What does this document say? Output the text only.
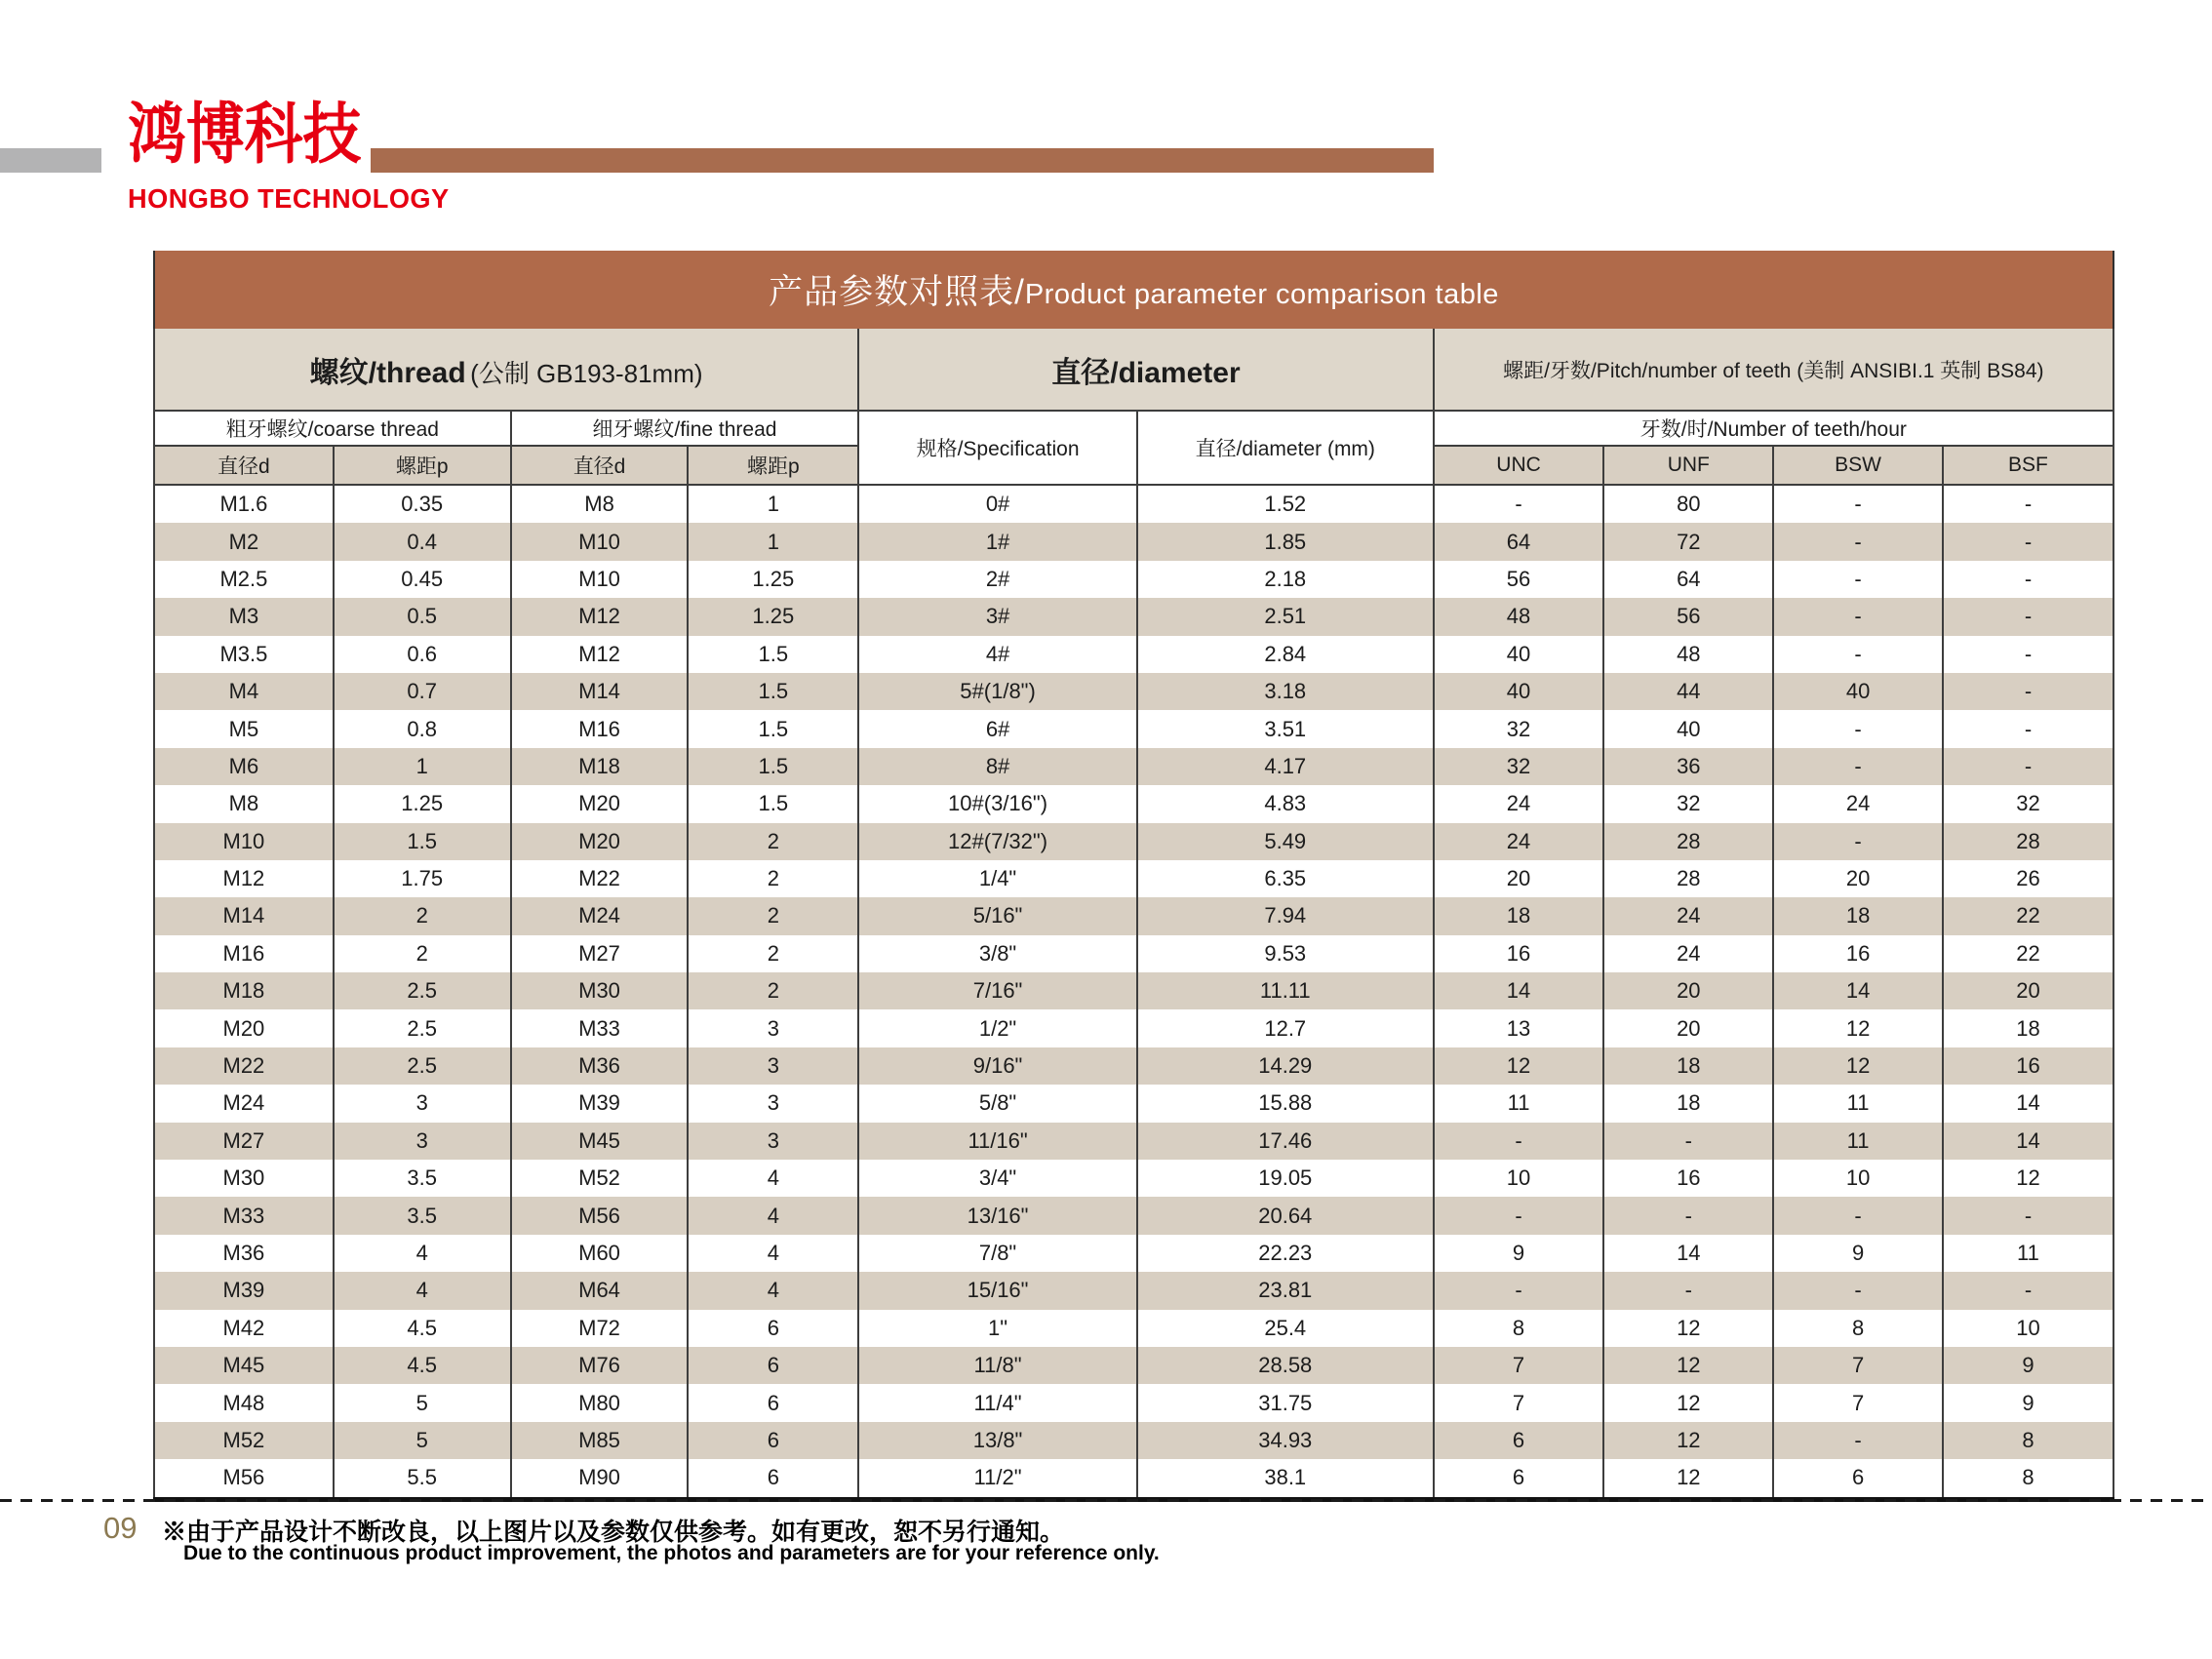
鸿博科技
HONGBO TECHNOLOGY
产品参数对照表/Product parameter comparison table									
螺纹/thread (公制 GB193-81mm)				直径/diameter		螺距/牙数/Pitch/number of teeth (美制 ANSIBI.1 英制 BS84)			
粗牙螺纹/coarse thread		细牙螺纹/fine thread		规格/Specification	直径/diameter (mm)	牙数/时/Number of teeth/hour			
直径d	螺距p	直径d	螺距p			UNC	UNF	BSW	BSF
M1.6	0.35	M8	1	0#	1.52	-	80	-	-
M2	0.4	M10	1	1#	1.85	64	72	-	-
M2.5	0.45	M10	1.25	2#	2.18	56	64	-	-
M3	0.5	M12	1.25	3#	2.51	48	56	-	-
M3.5	0.6	M12	1.5	4#	2.84	40	48	-	-
M4	0.7	M14	1.5	5#(1/8")	3.18	40	44	40	-
M5	0.8	M16	1.5	6#	3.51	32	40	-	-
M6	1	M18	1.5	8#	4.17	32	36	-	-
M8	1.25	M20	1.5	10#(3/16")	4.83	24	32	24	32
M10	1.5	M20	2	12#(7/32")	5.49	24	28	-	28
M12	1.75	M22	2	1/4"	6.35	20	28	20	26
M14	2	M24	2	5/16"	7.94	18	24	18	22
M16	2	M27	2	3/8"	9.53	16	24	16	22
M18	2.5	M30	2	7/16"	11.11	14	20	14	20
M20	2.5	M33	3	1/2"	12.7	13	20	12	18
M22	2.5	M36	3	9/16"	14.29	12	18	12	16
M24	3	M39	3	5/8"	15.88	11	18	11	14
M27	3	M45	3	11/16"	17.46	-	-	11	14
M30	3.5	M52	4	3/4"	19.05	10	16	10	12
M33	3.5	M56	4	13/16"	20.64	-	-	-	-
M36	4	M60	4	7/8"	22.23	9	14	9	11
M39	4	M64	4	15/16"	23.81	-	-	-	-
M42	4.5	M72	6	1"	25.4	8	12	8	10
M45	4.5	M76	6	11/8"	28.58	7	12	7	9
M48	5	M80	6	11/4"	31.75	7	12	7	9
M52	5	M85	6	13/8"	34.93	6	12	-	8
M56	5.5	M90	6	11/2"	38.1	6	12	6	8
09 ※由于产品设计不断改良，以上图片以及参数仅供参考。如有更改，恕不另行通知。
Due to the continuous product improvement, the photos and parameters are for your reference only.
